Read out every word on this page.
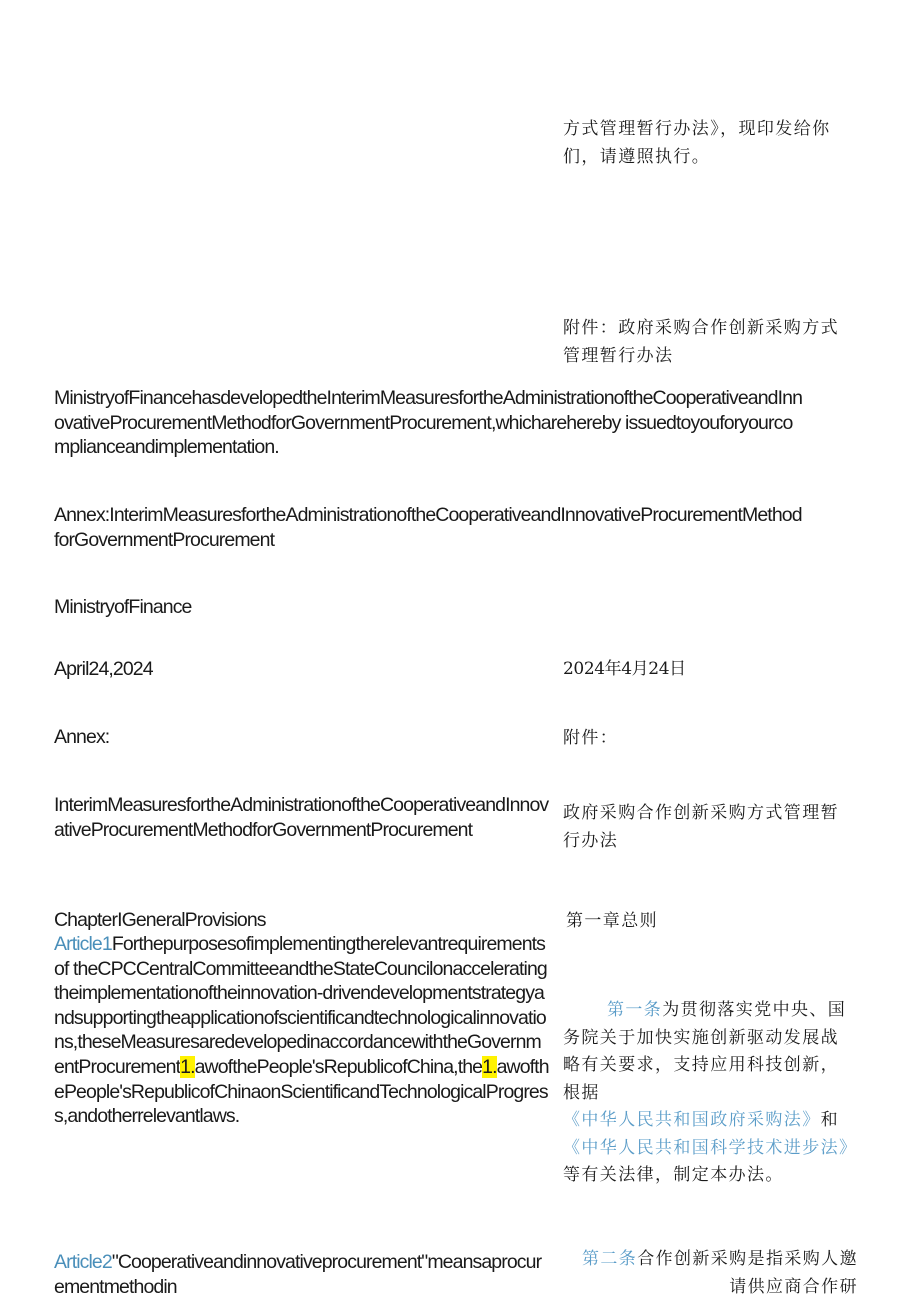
方式管理暂行办法》，现印发给你们，请遵照执行。
附件：政府采购合作创新采购方式管理暂行办法
MinistryofFinancehasdevelopedtheInterimMeasuresfortheAdministrationoftheCooperativeandInnovativeProcurementMethodforGovernmentProcurement,whicharehereby issuedtoyouforyourcomplianceandimplementation.
Annex:InterimMeasuresfortheAdministrationoftheCooperativeandInnovativeProcurementMethodforGovernmentProcurement
MinistryofFinance
April24,2024	2024年4月24日
Annex:	附件：
InterimMeasuresfortheAdministrationoftheCooperativeandInnovativeProcurementMethodforGovernmentProcurement
政府采购合作创新采购方式管理暂行办法
ChapterIGeneralProvisions	第一章总则
Article1Forthepurposesofimplementingtherelevantrequirementsof theCPCCentralCommitteeandtheStateCouncilonacceleratingtheimplementationoftheinnovation-drivendevelopmentstrategyandsupportingtheapplicationofscientificandtechnologicalinnovations,theseMeasuresaredevelopedinaccordancewiththeGovernmentProcurement1.awofthePeople'sRepublicofChina,the1.awofthePeople'sRepublicofChinaonScientificandTechnologicalProgress,andotherrelevantlaws.
第一条为贯彻落实党中央、国务院关于加快实施创新驱动发展战略有关要求，支持应用科技创新，根据《中华人民共和国政府采购法》和《中华人民共和国科学技术进步法》等有关法律，制定本办法。
Article2"Cooperativeandinnovativeprocurement"meansaprocurementmethodin
第二条合作创新采购是指采购人邀请供应商合作研
